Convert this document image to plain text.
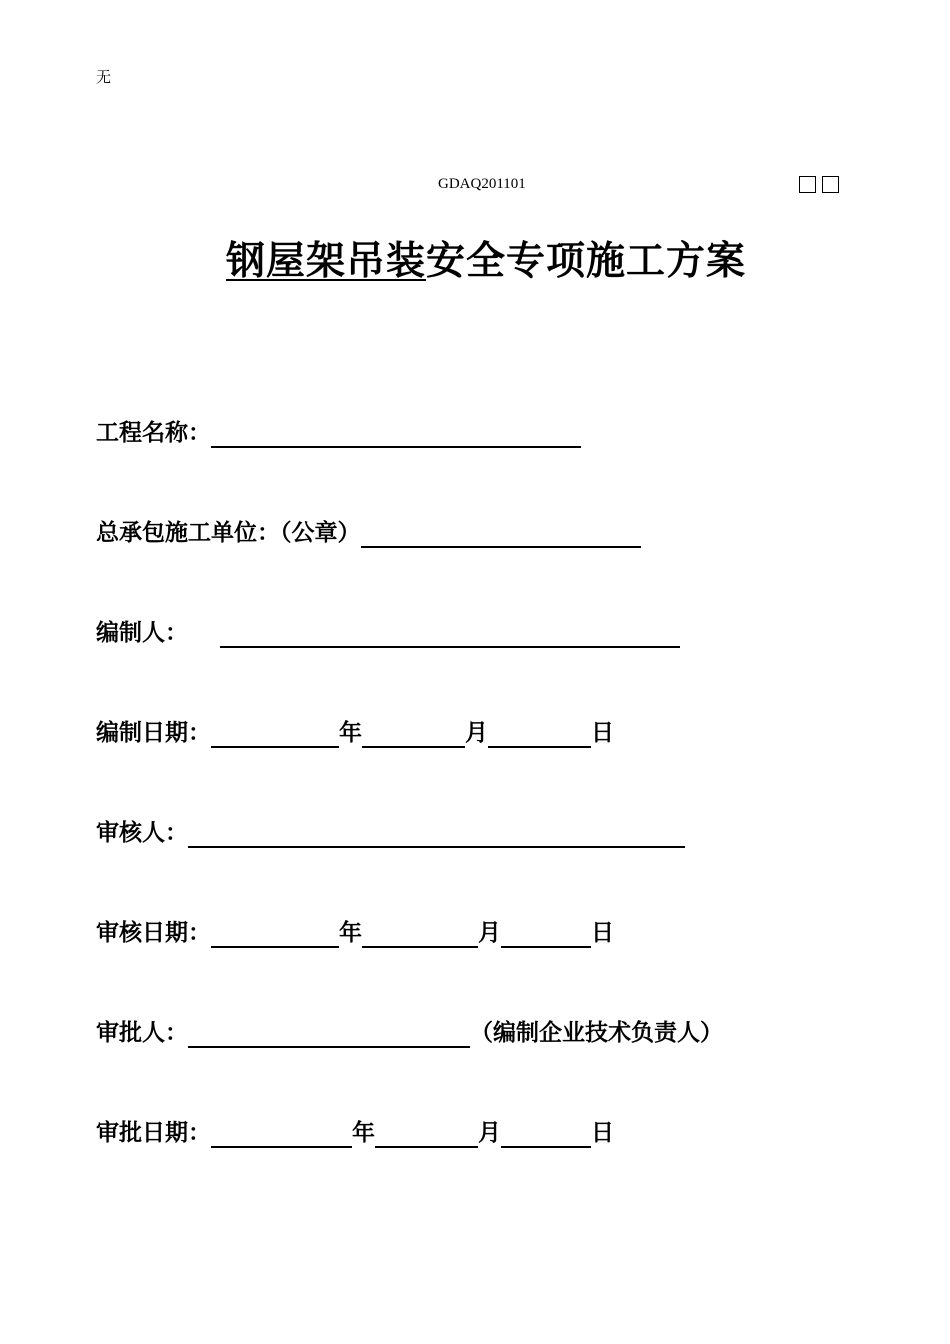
无
GDAQ201101
钢屋架吊装安全专项施工方案
工程名称：
总承包施工单位：（公章）
编制人：
编制日期：	年	月	日
审核人：
审核日期：	年	月	日
审批人：	（编制企业技术负责人）
审批日期：	年	月	日
